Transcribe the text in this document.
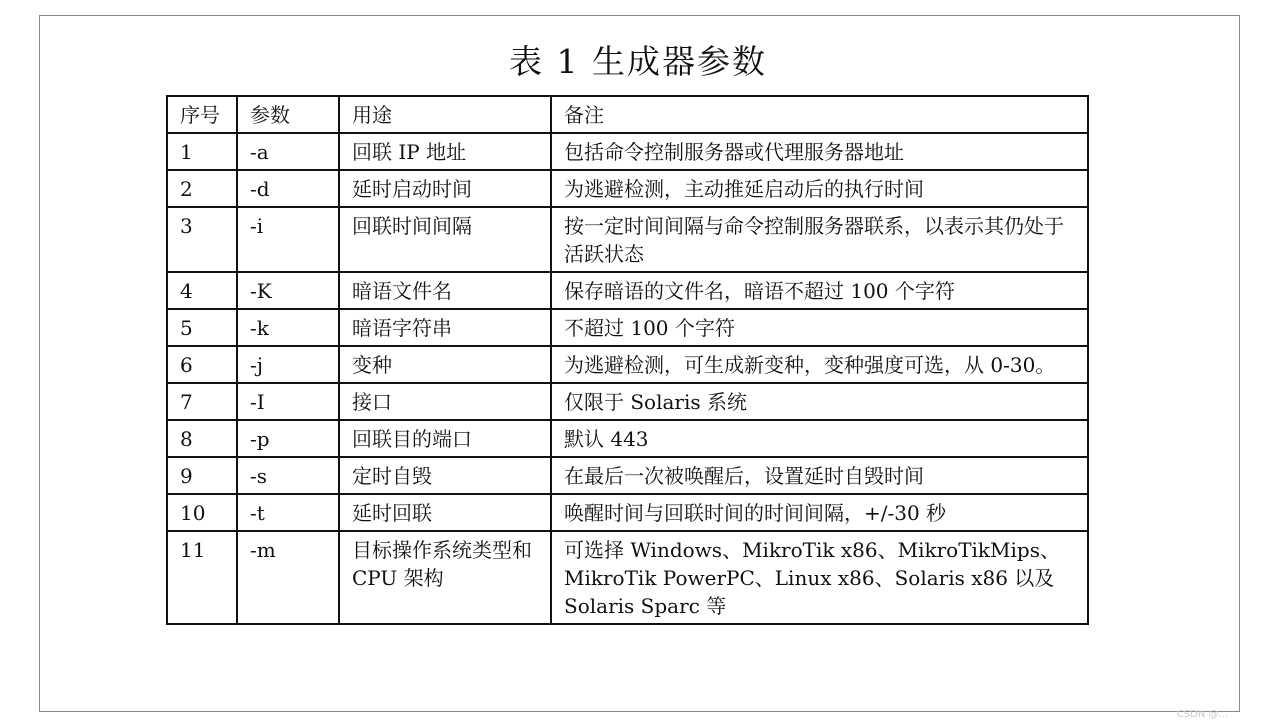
表 1 生成器参数
序号	参数	用途	备注
1	-a	回联 IP 地址	包括命令控制服务器或代理服务器地址
2	-d	延时启动时间	为逃避检测，主动推延启动后的执行时间
3	-i	回联时间间隔	按一定时间间隔与命令控制服务器联系，以表示其仍处于活跃状态
4	-K	暗语文件名	保存暗语的文件名，暗语不超过 100 个字符
5	-k	暗语字符串	不超过 100 个字符
6	-j	变种	为逃避检测，可生成新变种，变种强度可选，从 0-30。
7	-I	接口	仅限于 Solaris 系统
8	-p	回联目的端口	默认 443
9	-s	定时自毁	在最后一次被唤醒后，设置延时自毁时间
10	-t	延时回联	唤醒时间与回联时间的时间间隔，+/-30 秒
11	-m	目标操作系统类型和 CPU 架构	可选择 Windows、MikroTik x86、MikroTikMips、MikroTik PowerPC、Linux x86、Solaris x86 以及 Solaris Sparc 等
CSDN @...
